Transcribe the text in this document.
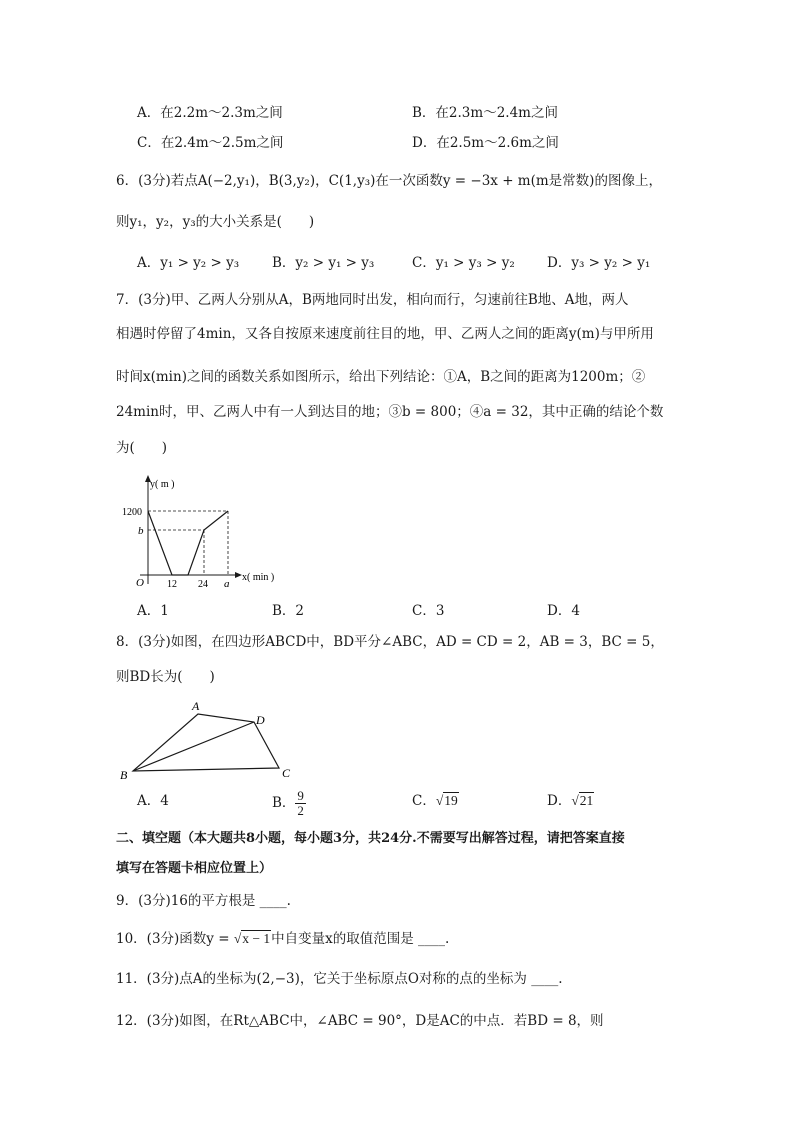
A．在2.2m～2.3m之间	B．在2.3m～2.4m之间
C．在2.4m～2.5m之间	D．在2.5m～2.6m之间
6．(3分)若点A(−2,y₁)，B(3,y₂)，C(1,y₃)在一次函数y = −3x + m(m是常数)的图像上，
则y₁，y₂，y₃的大小关系是(　　)
A．y₁ > y₂ > y₃ B．y₂ > y₁ > y₃	C．y₁ > y₃ > y₂ D．y₃ > y₂ > y₁
7．(3分)甲、乙两人分别从A，B两地同时出发，相向而行，匀速前往B地、A地，两人
相遇时停留了4min，又各自按原来速度前往目的地，甲、乙两人之间的距离y(m)与甲所用
时间x(min)之间的函数关系如图所示，给出下列结论：①A，B之间的距离为1200m；②
24min时，甲、乙两人中有一人到达目的地；③b = 800；④a = 32，其中正确的结论个数
为(　　)
y( m )
x( min )
O
1200
b
12 24 a
A．1	B．2	C．3	D．4
8．(3分)如图，在四边形ABCD中，BD平分∠ABC，AD = CD = 2，AB = 3，BC = 5，
则BD长为(　　)
A
B	C
D
A．4	B． $\frac{9}{2}$	C．√19	D．√21
二、填空题（本大题共8小题，每小题3分，共24分.不需要写出解答过程，请把答案直接
填写在答题卡相应位置上）
9．(3分)16的平方根是 ____.
10．(3分)函数y = √x − 1中自变量x的取值范围是 ____.
11．(3分)点A的坐标为(2,−3)，它关于坐标原点O对称的点的坐标为 ____.
12．(3分)如图，在Rt△ABC中，∠ABC = 90°，D是AC的中点．若BD = 8，则
